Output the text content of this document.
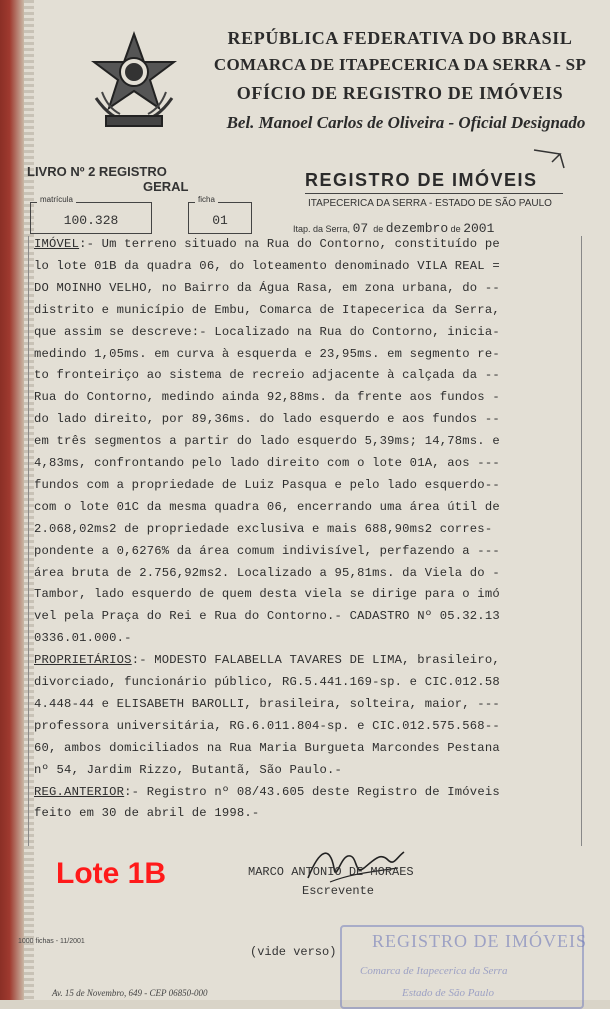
REPÚBLICA FEDERATIVA DO BRASIL
COMARCA DE ITAPECERICA DA SERRA - SP
OFÍCIO DE REGISTRO DE IMÓVEIS
Bel. Manoel Carlos de Oliveira - Oficial Designado
LIVRO Nº 2 REGISTRO
GERAL
matrícula
100.328
ficha
01
REGISTRO DE IMÓVEIS
ITAPECERICA DA SERRA - ESTADO DE SÃO PAULO
Itap. da Serra, 07 de dezembro de 2001
IMÓVEL:- Um terreno situado na Rua do Contorno, constituído pe
lo lote 01B da quadra 06, do loteamento denominado VILA REAL =
DO MOINHO VELHO, no Bairro da Água Rasa, em zona urbana, do --
distrito e município de Embu, Comarca de Itapecerica da Serra,
que assim se descreve:- Localizado na Rua do Contorno, inicia-
medindo 1,05ms. em curva à esquerda e 23,95ms. em segmento re-
to fronteiriço ao sistema de recreio adjacente à calçada da --
Rua do Contorno, medindo ainda 92,88ms. da frente aos fundos -
do lado direito, por 89,36ms. do lado esquerdo e aos fundos --
em três segmentos a partir do lado esquerdo 5,39ms; 14,78ms. e
4,83ms, confrontando pelo lado direito com o lote 01A, aos ---
fundos com a propriedade de Luiz Pasqua e pelo lado esquerdo--
com o lote 01C da mesma quadra 06, encerrando uma área útil de
2.068,02ms2 de propriedade exclusiva e mais 688,90ms2 corres-
pondente a 0,6276% da área comum indivisível, perfazendo a ---
área bruta de 2.756,92ms2. Localizado a 95,81ms. da Viela do -
Tambor, lado esquerdo de quem desta viela se dirige para o imó
vel pela Praça do Rei e Rua do Contorno.- CADASTRO Nº 05.32.13
0336.01.000.-
PROPRIETÁRIOS:- MODESTO FALABELLA TAVARES DE LIMA, brasileiro,
divorciado, funcionário público, RG.5.441.169-sp. e CIC.012.58
4.448-44 e ELISABETH BAROLLI, brasileira, solteira, maior, ---
professora universitária, RG.6.011.804-sp. e CIC.012.575.568--
60, ambos domiciliados na Rua Maria Burgueta Marcondes Pestana
nº 54, Jardim Rizzo, Butantã, São Paulo.-
REG.ANTERIOR:- Registro nº 08/43.605 deste Registro de Imóveis
feito em 30 de abril de 1998.-
Lote 1B	MARCO ANTONIO DE MORAES
Escrevente
1000 fichas - 11/2001
(vide verso)
Av. 15 de Novembro, 649 - CEP 06850-000
REGISTRO DE IMÓVEIS
Comarca de Itapecerica da Serra
Estado de São Paulo
